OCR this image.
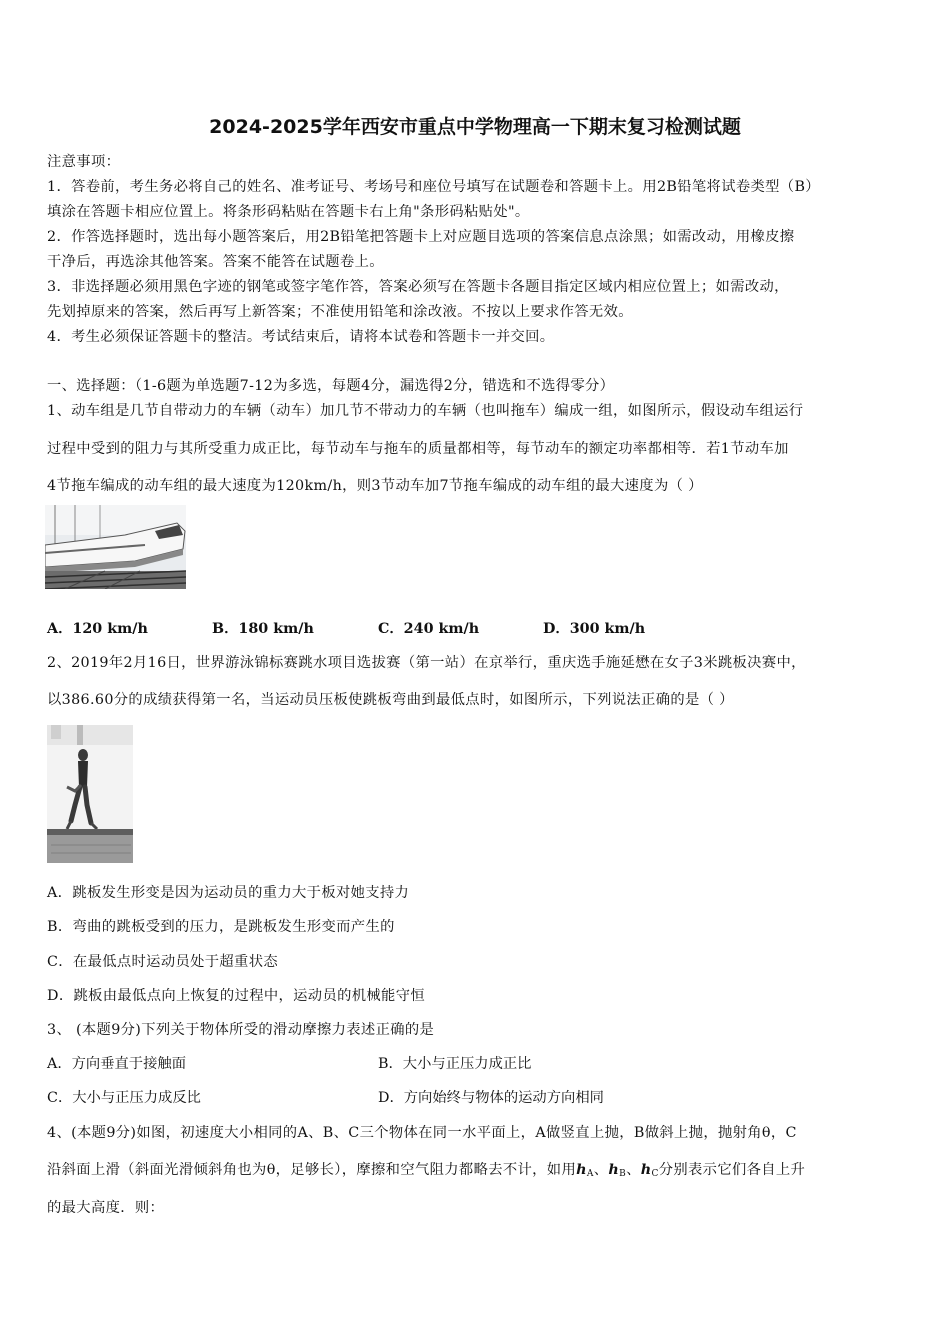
2024-2025学年西安市重点中学物理高一下期末复习检测试题
注意事项：
1．答卷前，考生务必将自己的姓名、准考证号、考场号和座位号填写在试题卷和答题卡上。用2B铅笔将试卷类型（B）
填涂在答题卡相应位置上。将条形码粘贴在答题卡右上角"条形码粘贴处"。
2．作答选择题时，选出每小题答案后，用2B铅笔把答题卡上对应题目选项的答案信息点涂黑；如需改动，用橡皮擦
干净后，再选涂其他答案。答案不能答在试题卷上。
3．非选择题必须用黑色字迹的钢笔或签字笔作答，答案必须写在答题卡各题目指定区域内相应位置上；如需改动，
先划掉原来的答案，然后再写上新答案；不准使用铅笔和涂改液。不按以上要求作答无效。
4．考生必须保证答题卡的整洁。考试结束后，请将本试卷和答题卡一并交回。
一、选择题：（1-6题为单选题7-12为多选，每题4分，漏选得2分，错选和不选得零分）
1、动车组是几节自带动力的车辆（动车）加几节不带动力的车辆（也叫拖车）编成一组，如图所示，假设动车组运行
过程中受到的阻力与其所受重力成正比，每节动车与拖车的质量都相等，每节动车的额定功率都相等．若1节动车加
4节拖车编成的动车组的最大速度为120km/h，则3节动车加7节拖车编成的动车组的最大速度为（ ）
A．120 km/h	B．180 km/h	C．240 km/h	D．300 km/h
2、2019年2月16日，世界游泳锦标赛跳水项目选拔赛（第一站）在京举行，重庆选手施延懋在女子3米跳板决赛中，
以386.60分的成绩获得第一名，当运动员压板使跳板弯曲到最低点时，如图所示，下列说法正确的是（ ）
A．跳板发生形变是因为运动员的重力大于板对她支持力
B．弯曲的跳板受到的压力，是跳板发生形变而产生的
C．在最低点时运动员处于超重状态
D．跳板由最低点向上恢复的过程中，运动员的机械能守恒
3、 (本题9分)下列关于物体所受的滑动摩擦力表述正确的是
A．方向垂直于接触面	B．大小与正压力成正比
C．大小与正压力成反比	D．方向始终与物体的运动方向相同
4、(本题9分)如图，初速度大小相同的A、B、C三个物体在同一水平面上，A做竖直上抛，B做斜上抛，抛射角θ，C
沿斜面上滑（斜面光滑倾斜角也为θ，足够长），摩擦和空气阻力都略去不计，如用$h_A$、$h_B$、$h_C$分别表示它们各自上升
的最大高度．则：
